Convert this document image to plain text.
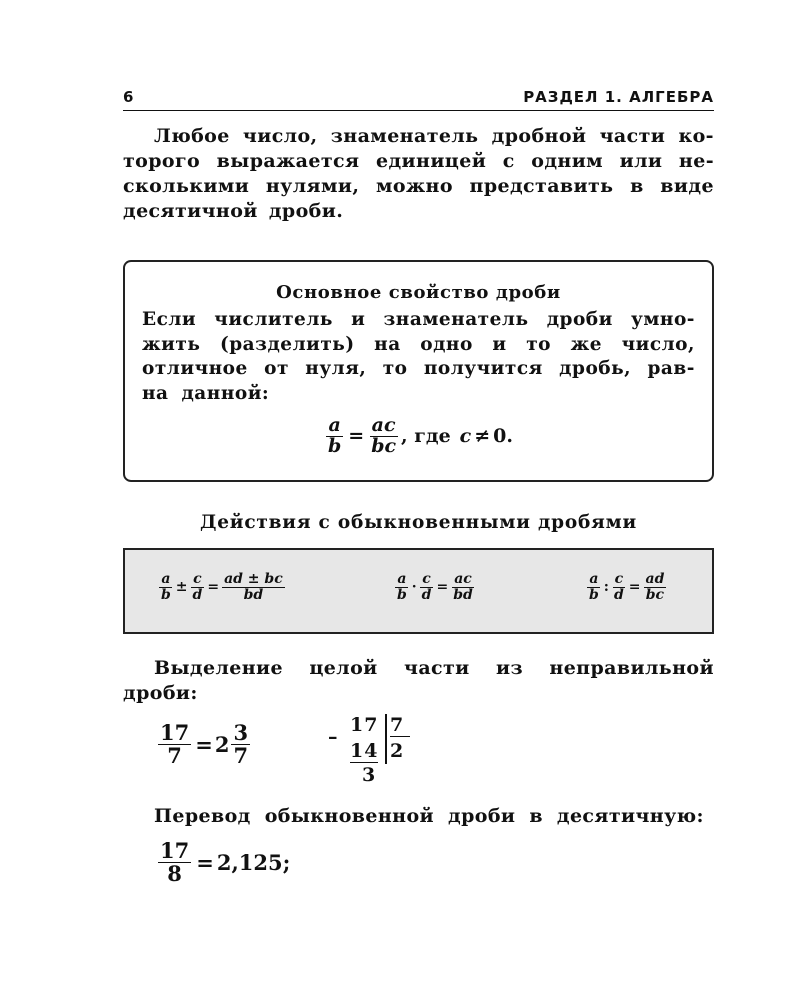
6	РАЗДЕЛ 1. АЛГЕБРА
Любое число, знаменатель дробной части ко-
торого выражается единицей с одним или не-
сколькими нулями, можно представить в виде
десятичной дроби.
Основное свойство дроби
Если числитель и знаменатель дроби умно-
жить (разделить) на одно и то же число,
отличное от нуля, то получится дробь, рав-
на данной:
$\frac{a}{b} = \frac{ac}{bc}$ , где c ≠ 0.
Действия с обыкновенными дробями
$\frac{a}{b} \pm \frac{c}{d} = \frac{ad \pm bc}{bd}$	$\frac{a}{b} \cdot \frac{c}{d} = \frac{ac}{bd}$	$\frac{a}{b}$ : $\frac{c}{d} = \frac{ad}{bc}$
Выделение целой части из неправильной
дроби:
$\frac{17}{7} = 2 \frac{3}{7}$	–
17
14
7
2
3
Перевод обыкновенной дроби в десятичную:
$\frac{17}{8} = 2,125$;
